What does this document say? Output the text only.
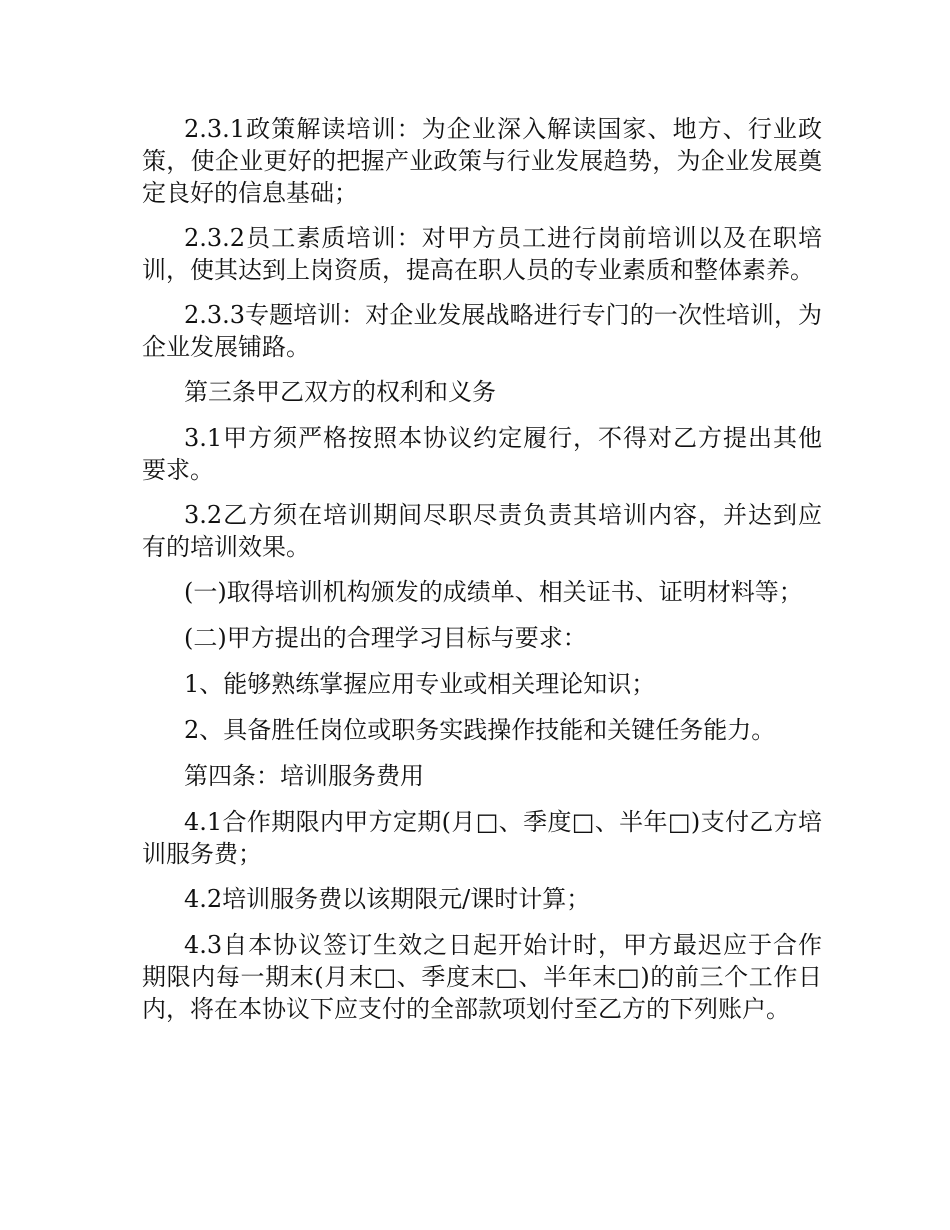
2.3.1政策解读培训：为企业深入解读国家、地方、行业政策，使企业更好的把握产业政策与行业发展趋势，为企业发展奠定良好的信息基础；

2.3.2员工素质培训：对甲方员工进行岗前培训以及在职培训，使其达到上岗资质，提高在职人员的专业素质和整体素养。

2.3.3专题培训：对企业发展战略进行专门的一次性培训，为企业发展铺路。

第三条甲乙双方的权利和义务

3.1甲方须严格按照本协议约定履行，不得对乙方提出其他要求。

3.2乙方须在培训期间尽职尽责负责其培训内容，并达到应有的培训效果。

(一)取得培训机构颁发的成绩单、相关证书、证明材料等；

(二)甲方提出的合理学习目标与要求：

1、能够熟练掌握应用专业或相关理论知识；

2、具备胜任岗位或职务实践操作技能和关键任务能力。

第四条：培训服务费用

4.1合作期限内甲方定期(月□、季度□、半年□)支付乙方培训服务费；

4.2培训服务费以该期限元/课时计算；

4.3自本协议签订生效之日起开始计时，甲方最迟应于合作期限内每一期末(月末□、季度末□、半年末□)的前三个工作日内，将在本协议下应支付的全部款项划付至乙方的下列账户。
